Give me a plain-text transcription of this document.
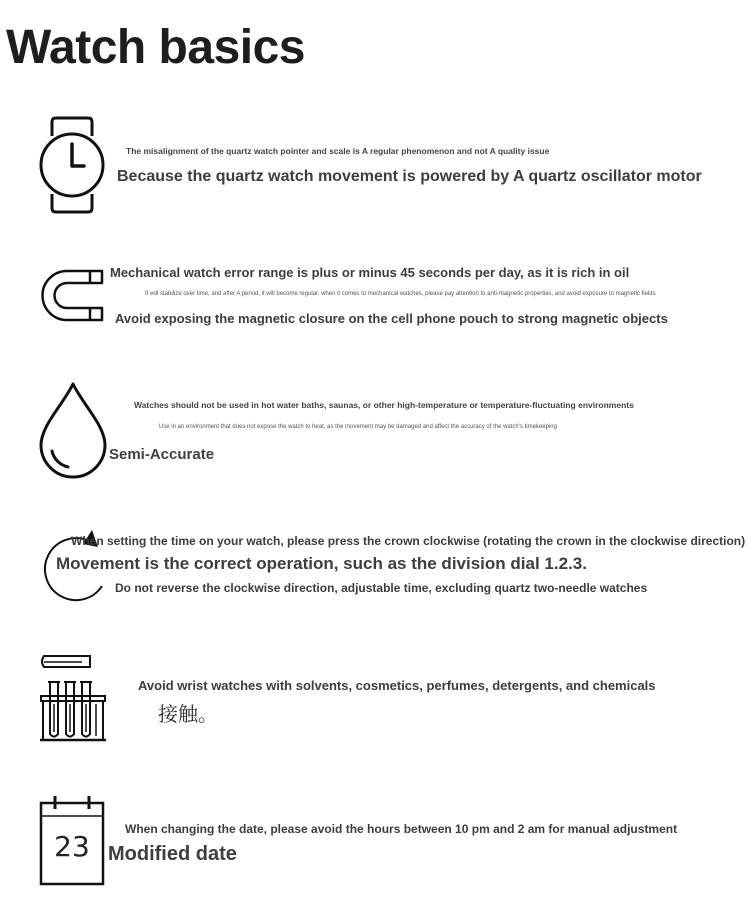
Watch basics
The misalignment of the quartz watch pointer and scale is A regular phenomenon and not A quality issue
Because the quartz watch movement is powered by A quartz oscillator motor
Mechanical watch error range is plus or minus 45 seconds per day, as it is rich in oil
It will stabilize over time, and after A period, it will become regular. when it comes to mechanical watches, please pay attention to anti-magnetic properties, and avoid exposure to magnetic fields
Avoid exposing the magnetic closure on the cell phone pouch to strong magnetic objects
Watches should not be used in hot water baths, saunas, or other high-temperature or temperature-fluctuating environments
Use in an environment that does not expose the watch to heat, as the movement may be damaged and affect the accuracy of the watch's timekeeping
Semi-Accurate
When setting the time on your watch, please press the crown clockwise (rotating the crown in the clockwise direction)
Movement is the correct operation, such as the division dial 1.2.3.
Do not reverse the clockwise direction, adjustable time, excluding quartz two-needle watches
Avoid wrist watches with solvents, cosmetics, perfumes, detergents, and chemicals
接触。
23
When changing the date, please avoid the hours between 10 pm and 2 am for manual adjustment
Modified date
